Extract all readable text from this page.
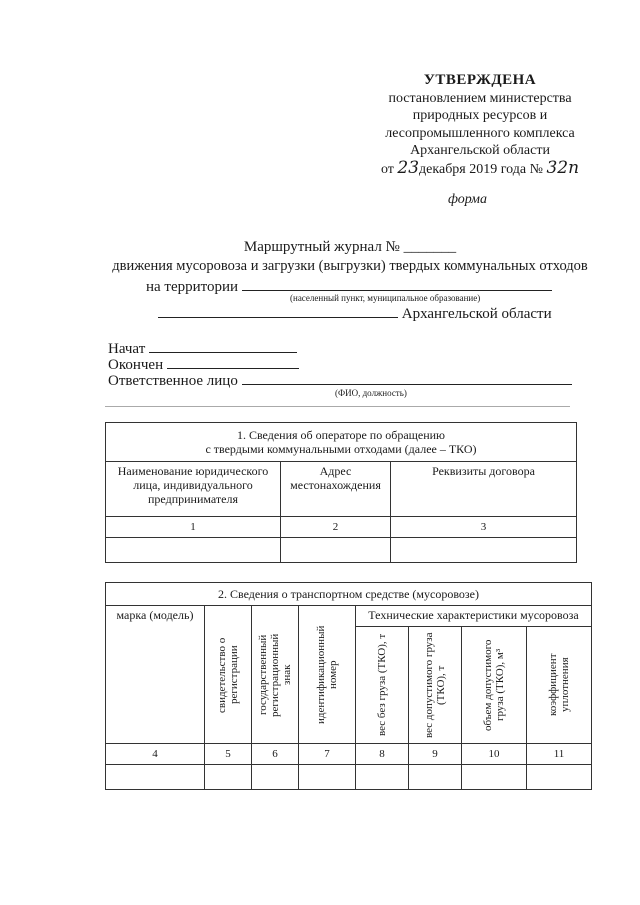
УТВЕРЖДЕНА
постановлением министерства
природных ресурсов и
лесопромышленного комплекса
Архангельской области
от 23декабря 2019 года № 32п
форма
Маршрутный журнал № _______
движения мусоровоза и загрузки (выгрузки) твердых коммунальных отходов
на территории
(населенный пункт, муниципальное образование)
Архангельской области
Начат
Окончен
Ответственное лицо
(ФИО, должность)
1. Сведения об операторе по обращению
с твердыми коммунальными отходами (далее – ТКО)		

Наименование юридического лица, индивидуального предпринимателя	Адрес местонахождения	Реквизиты договора
1	2	3

2. Сведения о транспортном средстве (мусоровозе)							
марка (модель)	свидетельство о регистрации	государственный регистрационный знак	идентификационный номер	Технические характеристики мусоровоза			

				вес без груза (ТКО), т	вес допустимого груза (ТКО), т	объем допустимого груза (ТКО), м³	коэффициент уплотнения

4	5	6	7	8	9	10	11
